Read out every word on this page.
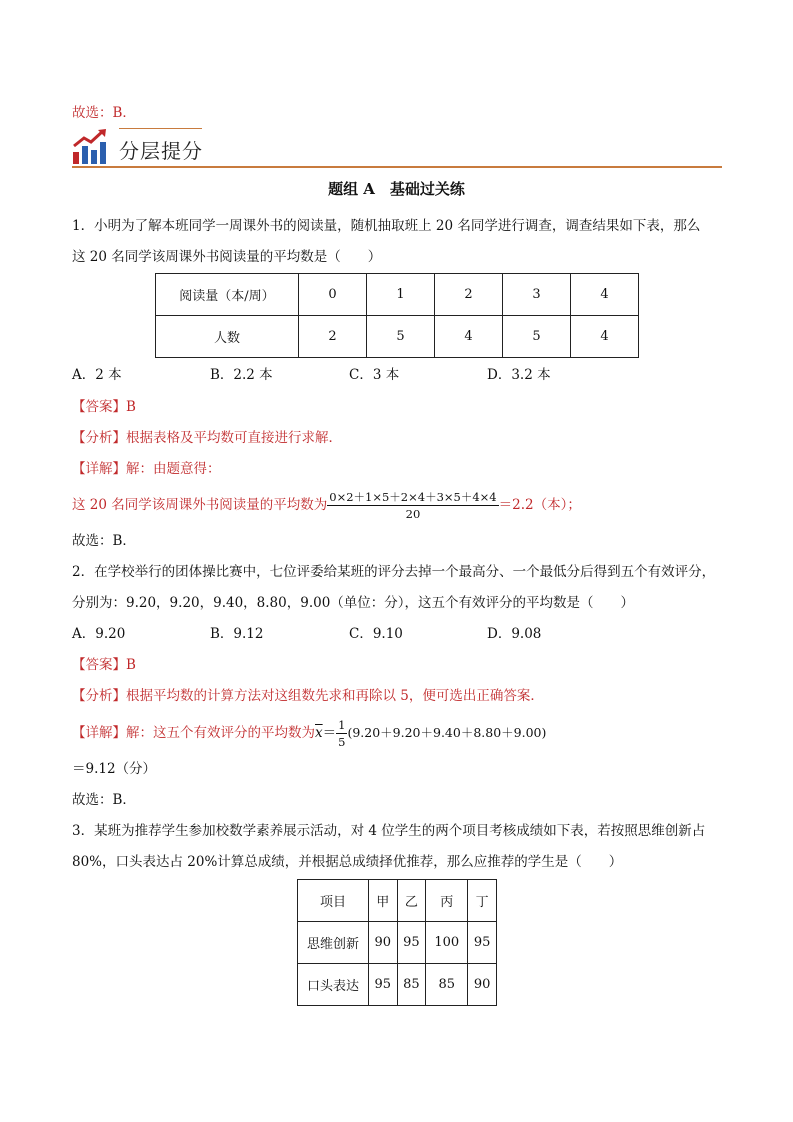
故选：B．
分层提分
题组 A　基础过关练
1．小明为了解本班同学一周课外书的阅读量，随机抽取班上 20 名同学进行调查，调查结果如下表，那么
这 20 名同学该周课外书阅读量的平均数是（　　）
阅读量（本/周）	0	1	2	3	4
人数	2	5	4	5	4
A．2 本	B．2.2 本	C．3 本	D．3.2 本
【答案】B
【分析】根据表格及平均数可直接进行求解．
【详解】解：由题意得：
这 20 名同学该周课外书阅读量的平均数为 $\frac{0\times 2+1\times 5+2\times 4+3\times 5+4\times 4}{20} =2.2$（本）；
故选：B．
2．在学校举行的团体操比赛中，七位评委给某班的评分去掉一个最高分、一个最低分后得到五个有效评分，
分别为：9.20，9.20，9.40，8.80，9.00（单位：分），这五个有效评分的平均数是（　　）
A．9.20	B．9.12	C．9.10	D．9.08
【答案】B
【分析】根据平均数的计算方法对这组数先求和再除以 5，便可选出正确答案．
【详解】解：这五个有效评分的平均数为$\overline{x}= \frac{1}{5} (9.20+9.20+9.40+8.80+9.00)$
＝9.12（分）
故选：B．
3．某班为推荐学生参加校数学素养展示活动，对 4 位学生的两个项目考核成绩如下表，若按照思维创新占
80%，口头表达占 20%计算总成绩，并根据总成绩择优推荐，那么应推荐的学生是（　　）
项目	甲	乙	丙	丁
思维创新	90	95	100	95
口头表达	95	85	85	90
